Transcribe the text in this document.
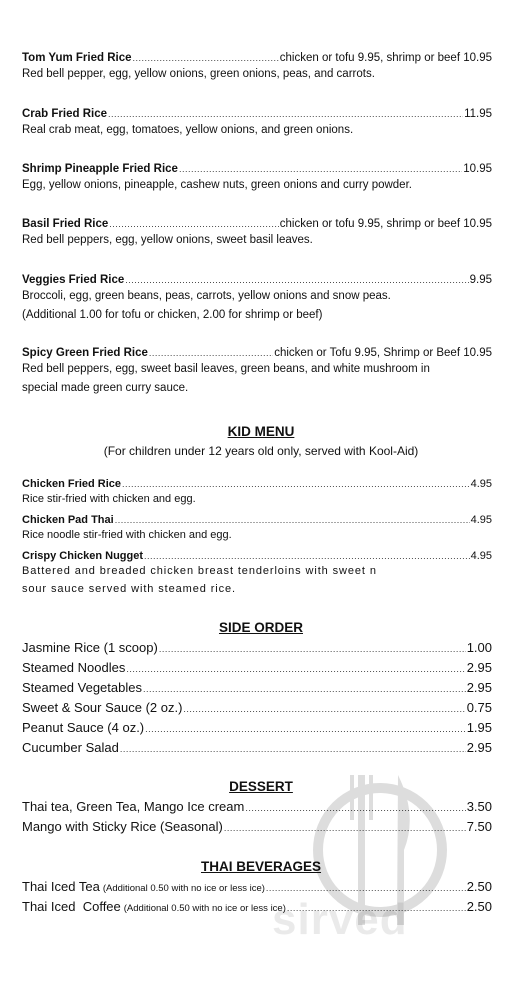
Tom Yum Fried Rice .....	chicken or tofu 9.95, shrimp or beef 10.95
Red bell pepper, egg, yellow onions, green onions, peas, and carrots.
Crab Fried Rice .....	11.95
Real crab meat, egg, tomatoes, yellow onions, and green onions.
Shrimp Pineapple Fried Rice .....	10.95
Egg, yellow onions, pineapple, cashew nuts, green onions and curry powder.
Basil Fried Rice .....	chicken or tofu 9.95, shrimp or beef 10.95
Red bell peppers, egg, yellow onions, sweet basil leaves.
Veggies Fried Rice .....	9.95
Broccoli, egg, green beans, peas, carrots, yellow onions and snow peas.
(Additional 1.00 for tofu or chicken, 2.00 for shrimp or beef)
Spicy Green Fried Rice .....	chicken or Tofu 9.95, Shrimp or Beef 10.95
Red bell peppers, egg, sweet basil leaves, green beans, and white mushroom in
special made green curry sauce.
KID MENU
(For children under 12 years old only, served with Kool-Aid)
Chicken Fried Rice .....	4.95
Rice stir-fried with chicken and egg.
Chicken Pad Thai .....	4.95
Rice noodle stir-fried with chicken and egg.
Crispy Chicken Nugget .....	4.95
Battered and breaded chicken breast tenderloins with sweet n
sour sauce served with steamed rice.
SIDE ORDER
Jasmine Rice (1 scoop) .....	1.00
Steamed Noodles .....	2.95
Steamed Vegetables .....	2.95
Sweet & Sour Sauce (2 oz.) .....	0.75
Peanut Sauce (4 oz.) .....	1.95
Cucumber Salad .....	2.95
DESSERT
Thai tea, Green Tea, Mango Ice cream .....	3.50
Mango with Sticky Rice (Seasonal) .....	7.50
THAI BEVERAGES
Thai Iced Tea (Additional 0.50 with no ice or less ice) .....	2.50
Thai Iced  Coffee (Additional 0.50 with no ice or less ice) .....	2.50
sirved
